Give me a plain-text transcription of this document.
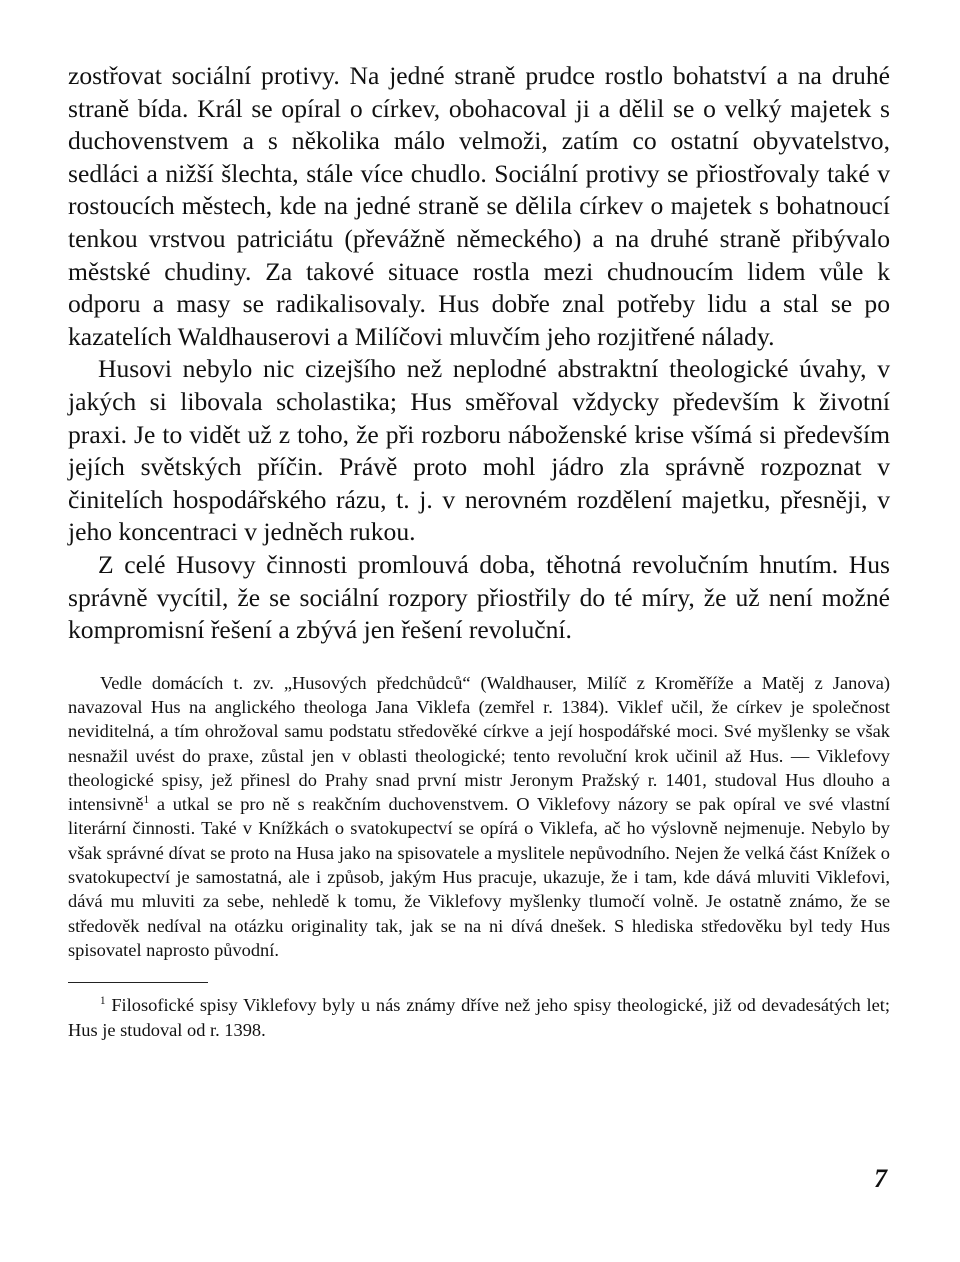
zostřovat sociální protivy. Na jedné straně prudce rostlo bohatství a na druhé straně bída. Král se opíral o církev, obohacoval ji a dělil se o velký majetek s duchovenstvem a s několika málo velmoži, zatím co ostatní obyvatelstvo, sedláci a nižší šlechta, stále více chudlo. Sociální protivy se přiostřovaly také v rostoucích městech, kde na jedné straně se dělila církev o majetek s bohatnoucí tenkou vrstvou patriciátu (převážně německého) a na druhé straně přibývalo městské chudiny. Za takové situace rostla mezi chudnoucím lidem vůle k odporu a masy se radikalisovaly. Hus dobře znal potřeby lidu a stal se po kazatelích Waldhauserovi a Milíčovi mluvčím jeho rozjitřené nálady.

Husovi nebylo nic cizejšího než neplodné abstraktní theologické úvahy, v jakých si libovala scholastika; Hus směřoval vždycky především k životní praxi. Je to vidět už z toho, že při rozboru náboženské krise všímá si především jejích světských příčin. Právě proto mohl jádro zla správně rozpoznat v činitelích hospodářského rázu, t. j. v nerovném rozdělení majetku, přesněji, v jeho koncentraci v jedněch rukou.

Z celé Husovy činnosti promlouvá doba, těhotná revolučním hnutím. Hus správně vycítil, že se sociální rozpory přiostřily do té míry, že už není možné kompromisní řešení a zbývá jen řešení revoluční.

Vedle domácích t. zv. „Husových předchůdců“ (Waldhauser, Milíč z Kroměříže a Matěj z Janova) navazoval Hus na anglického theologa Jana Viklefa (zemřel r. 1384). Viklef učil, že církev je společnost neviditelná, a tím ohrožoval samu podstatu středověké církve a její hospodářské moci. Své myšlenky se však nesnažil uvést do praxe, zůstal jen v oblasti theologické; tento revoluční krok učinil až Hus. — Viklefovy theologické spisy, jež přinesl do Prahy snad první mistr Jeronym Pražský r. 1401, studoval Hus dlouho a intensivně$^1$ a utkal se pro ně s reakčním duchovenstvem. O Viklefovy názory se pak opíral ve své vlastní literární činnosti. Také v Knížkách o svatokupectví se opírá o Viklefa, ač ho výslovně nejmenuje. Nebylo by však správné dívat se proto na Husa jako na spisovatele a myslitele nepůvodního. Nejen že velká část Knížek o svatokupectví je samostatná, ale i způsob, jakým Hus pracuje, ukazuje, že i tam, kde dává mluviti Viklefovi, dává mu mluviti za sebe, nehledě k tomu, že Viklefovy myšlenky tlumočí volně. Je ostatně známo, že se středověk nedíval na otázku originality tak, jak se na ni dívá dnešek. S hlediska středověku byl tedy Hus spisovatel naprosto původní.

$^1$ Filosofické spisy Viklefovy byly u nás známy dříve než jeho spisy theologické, již od devadesátých let; Hus je studoval od r. 1398.

7
